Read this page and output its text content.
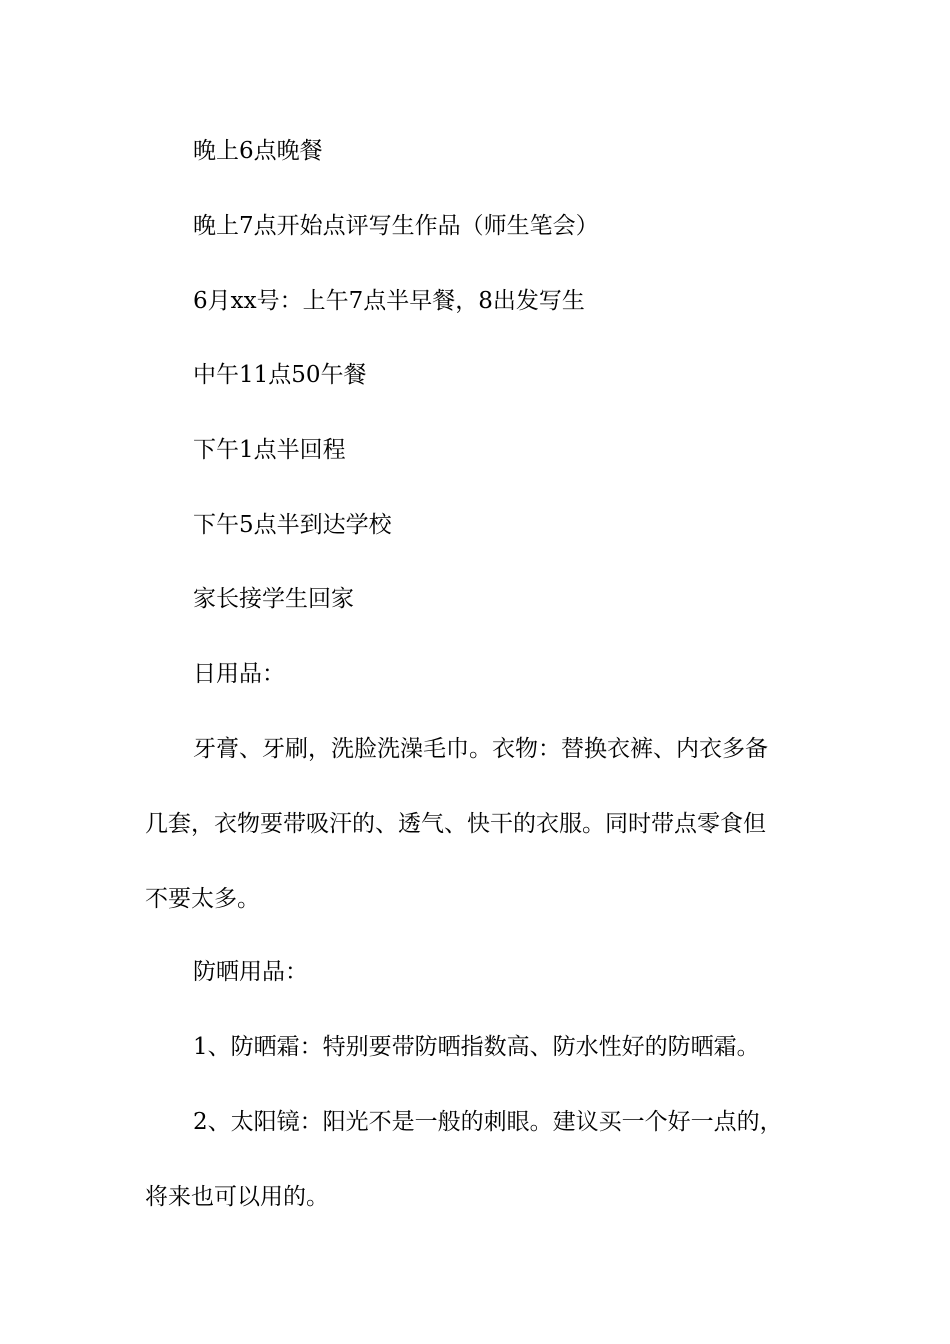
晚上6点晚餐
晚上7点开始点评写生作品（师生笔会）
6月xx号：上午7点半早餐，8出发写生
中午11点50午餐
下午1点半回程
下午5点半到达学校
家长接学生回家
日用品：
牙膏、牙刷，洗脸洗澡毛巾。衣物：替换衣裤、内衣多备
几套，衣物要带吸汗的、透气、快干的衣服。同时带点零食但
不要太多。
防晒用品：
1、防晒霜：特别要带防晒指数高、防水性好的防晒霜。
2、太阳镜：阳光不是一般的刺眼。建议买一个好一点的，
将来也可以用的。
